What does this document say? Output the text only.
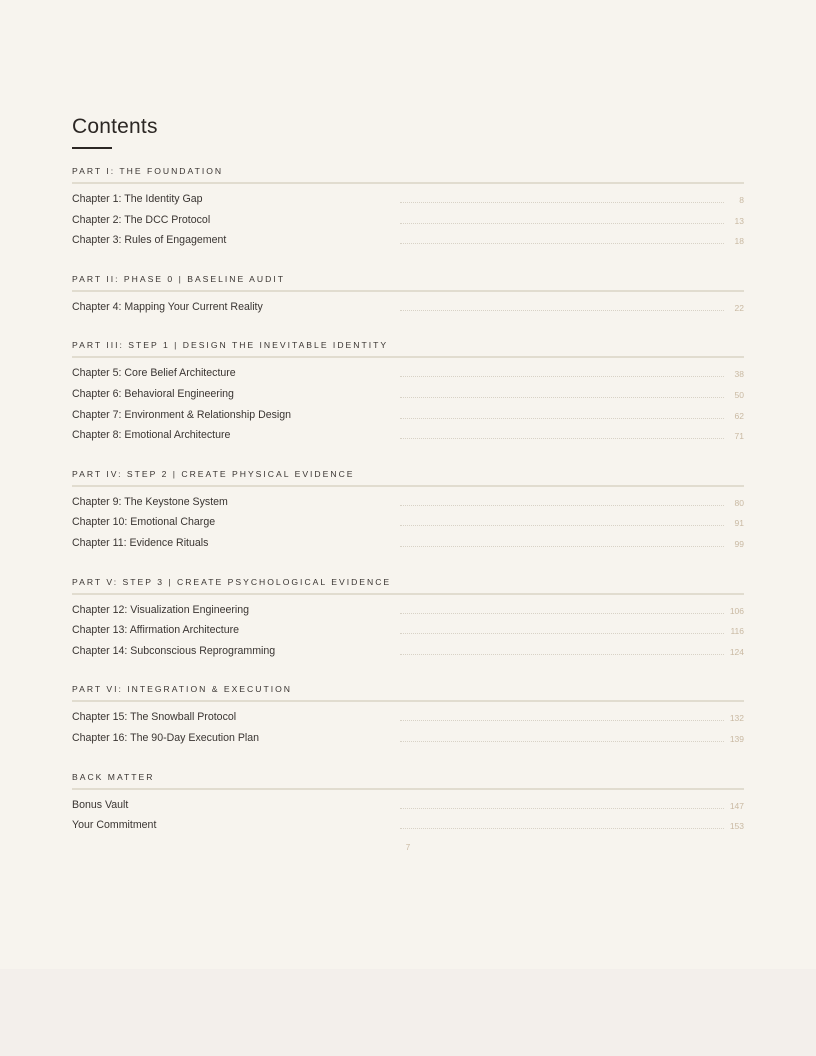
Contents
PART I: THE FOUNDATION
Chapter 1: The Identity Gap	8
Chapter 2: The DCC Protocol	13
Chapter 3: Rules of Engagement	18
PART II: PHASE 0 | BASELINE AUDIT
Chapter 4: Mapping Your Current Reality	22
PART III: STEP 1 | DESIGN THE INEVITABLE IDENTITY
Chapter 5: Core Belief Architecture	38
Chapter 6: Behavioral Engineering	50
Chapter 7: Environment & Relationship Design	62
Chapter 8: Emotional Architecture	71
PART IV: STEP 2 | CREATE PHYSICAL EVIDENCE
Chapter 9: The Keystone System	80
Chapter 10: Emotional Charge	91
Chapter 11: Evidence Rituals	99
PART V: STEP 3 | CREATE PSYCHOLOGICAL EVIDENCE
Chapter 12: Visualization Engineering	106
Chapter 13: Affirmation Architecture	116
Chapter 14: Subconscious Reprogramming	124
PART VI: INTEGRATION & EXECUTION
Chapter 15: The Snowball Protocol	132
Chapter 16: The 90-Day Execution Plan	139
BACK MATTER
Bonus Vault	147
Your Commitment	153
7
